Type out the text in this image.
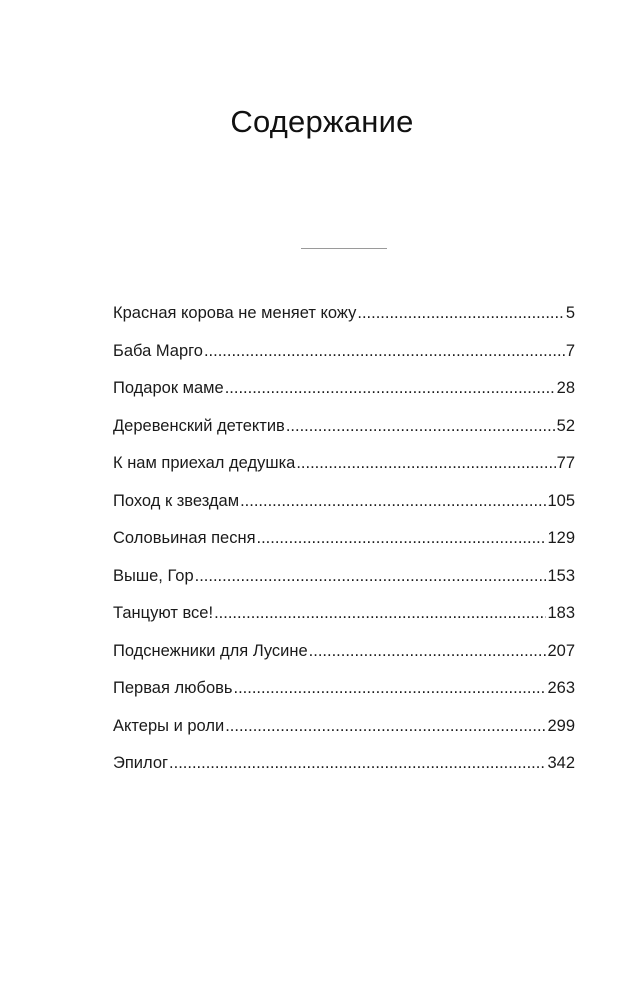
Содержание
Красная корова не меняет кожу .....	5
Баба Марго .....	7
Подарок маме .....	28
Деревенский детектив .....	52
К нам приехал дедушка .....	77
Поход к звездам .....	105
Соловьиная песня .....	129
Выше, Гор .....	153
Танцуют все! .....	183
Подснежники для Лусине .....	207
Первая любовь .....	263
Актеры и роли .....	299
Эпилог .....	342
